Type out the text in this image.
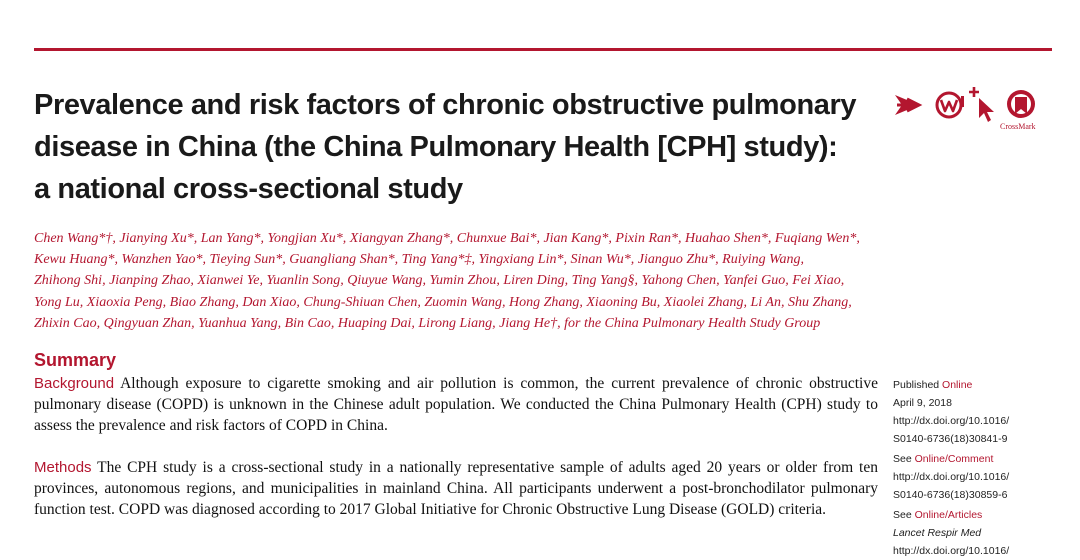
Prevalence and risk factors of chronic obstructive pulmonary
disease in China (the China Pulmonary Health [CPH] study):
a national cross-sectional study
CrossMark
Chen Wang*†, Jianying Xu*, Lan Yang*, Yongjian Xu*, Xiangyan Zhang*, Chunxue Bai*, Jian Kang*, Pixin Ran*, Huahao Shen*, Fuqiang Wen*,
Kewu Huang*, Wanzhen Yao*, Tieying Sun*, Guangliang Shan*, Ting Yang*‡, Yingxiang Lin*, Sinan Wu*, Jianguo Zhu*, Ruiying Wang,
Zhihong Shi, Jianping Zhao, Xianwei Ye, Yuanlin Song, Qiuyue Wang, Yumin Zhou, Liren Ding, Ting Yang§, Yahong Chen, Yanfei Guo, Fei Xiao,
Yong Lu, Xiaoxia Peng, Biao Zhang, Dan Xiao, Chung-Shiuan Chen, Zuomin Wang, Hong Zhang, Xiaoning Bu, Xiaolei Zhang, Li An, Shu Zhang,
Zhixin Cao, Qingyuan Zhan, Yuanhua Yang, Bin Cao, Huaping Dai, Lirong Liang, Jiang He†, for the China Pulmonary Health Study Group
Summary

Background Although exposure to cigarette smoking and air pollution is common, the current prevalence of chronic obstructive pulmonary disease (COPD) is unknown in the Chinese adult population. We conducted the China Pulmonary Health (CPH) study to assess the prevalence and risk factors of COPD in China.

Methods The CPH study is a cross-sectional study in a nationally representative sample of adults aged 20 years or older from ten provinces, autonomous regions, and municipalities in mainland China. All participants underwent a post-bronchodilator pulmonary function test. COPD was diagnosed according to 2017 Global Initiative for Chronic Obstructive Lung Disease (GOLD) criteria.

Published Online
April 9, 2018
http://dx.doi.org/10.1016/
S0140-6736(18)30841-9
See Online/Comment
http://dx.doi.org/10.1016/
S0140-6736(18)30859-6
See Online/Articles
Lancet Respir Med
http://dx.doi.org/10.1016/
